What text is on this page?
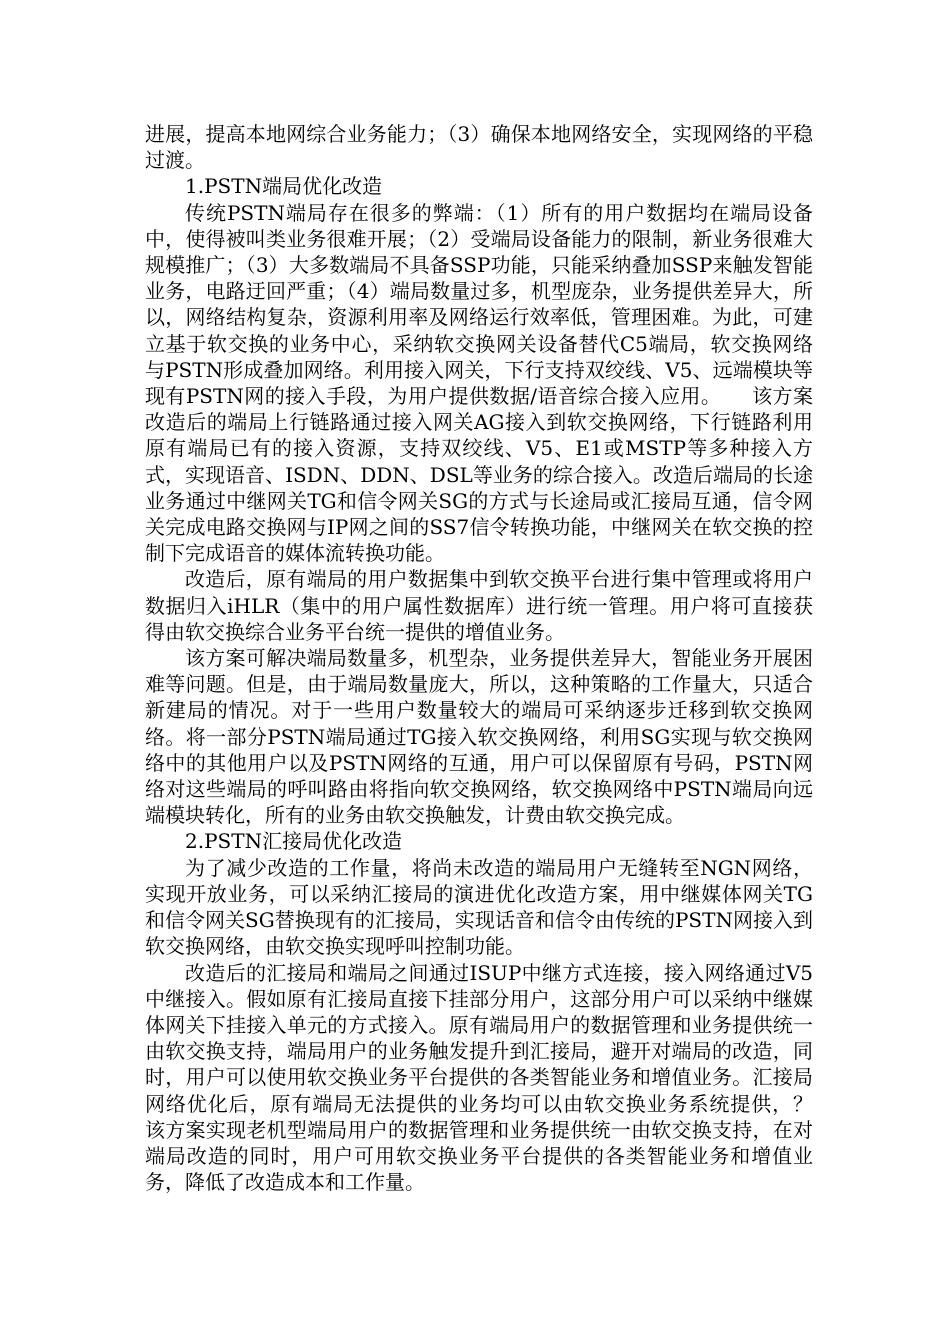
进展，提高本地网综合业务能力；（3）确保本地网络安全，实现网络的平稳过渡。

1.PSTN端局优化改造

传统PSTN端局存在很多的弊端：（1）所有的用户数据均在端局设备中，使得被叫类业务很难开展；（2）受端局设备能力的限制，新业务很难大规模推广；（3）大多数端局不具备SSP功能，只能采纳叠加SSP来触发智能业务，电路迂回严重；（4）端局数量过多，机型庞杂，业务提供差异大，所以，网络结构复杂，资源利用率及网络运行效率低，管理困难。为此，可建立基于软交换的业务中心，采纳软交换网关设备替代C5端局，软交换网络与PSTN形成叠加网络。利用接入网关，下行支持双绞线、V5、远端模块等现有PSTN网的接入手段，为用户提供数据/语音综合接入应用。　　该方案改造后的端局上行链路通过接入网关AG接入到软交换网络，下行链路利用原有端局已有的接入资源，支持双绞线、V5、E1或MSTP等多种接入方式，实现语音、ISDN、DDN、DSL等业务的综合接入。改造后端局的长途业务通过中继网关TG和信令网关SG的方式与长途局或汇接局互通，信令网关完成电路交换网与IP网之间的SS7信令转换功能，中继网关在软交换的控制下完成语音的媒体流转换功能。

改造后，原有端局的用户数据集中到软交换平台进行集中管理或将用户数据归入iHLR（集中的用户属性数据库）进行统一管理。用户将可直接获得由软交换综合业务平台统一提供的增值业务。

该方案可解决端局数量多，机型杂，业务提供差异大，智能业务开展困难等问题。但是，由于端局数量庞大，所以，这种策略的工作量大，只适合新建局的情况。对于一些用户数量较大的端局可采纳逐步迁移到软交换网络。将一部分PSTN端局通过TG接入软交换网络，利用SG实现与软交换网络中的其他用户以及PSTN网络的互通，用户可以保留原有号码，PSTN网络对这些端局的呼叫路由将指向软交换网络，软交换网络中PSTN端局向远端模块转化，所有的业务由软交换触发，计费由软交换完成。

2.PSTN汇接局优化改造

为了减少改造的工作量，将尚未改造的端局用户无缝转至NGN网络，实现开放业务，可以采纳汇接局的演进优化改造方案，用中继媒体网关TG和信令网关SG替换现有的汇接局，实现话音和信令由传统的PSTN网接入到软交换网络，由软交换实现呼叫控制功能。

改造后的汇接局和端局之间通过ISUP中继方式连接，接入网络通过V5中继接入。假如原有汇接局直接下挂部分用户，这部分用户可以采纳中继媒体网关下挂接入单元的方式接入。原有端局用户的数据管理和业务提供统一由软交换支持，端局用户的业务触发提升到汇接局，避开对端局的改造，同时，用户可以使用软交换业务平台提供的各类智能业务和增值业务。汇接局网络优化后，原有端局无法提供的业务均可以由软交换业务系统提供，？　该方案实现老机型端局用户的数据管理和业务提供统一由软交换支持，在对端局改造的同时，用户可用软交换业务平台提供的各类智能业务和增值业务，降低了改造成本和工作量。
